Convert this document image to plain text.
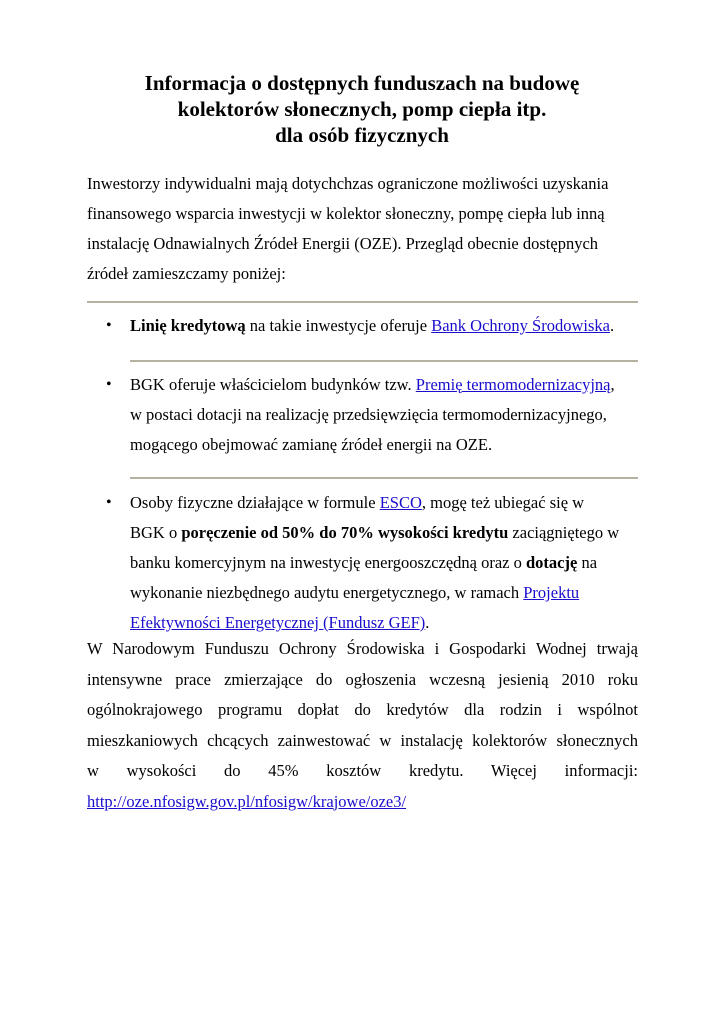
Informacja o dostępnych funduszach na budowę
kolektorów słonecznych, pomp ciepła itp.
dla osób fizycznych
Inwestorzy indywidualni mają dotychchzas ograniczone możliwości uzyskania
finansowego wsparcia inwestycji w kolektor słoneczny, pompę ciepła lub inną
instalację Odnawialnych Źródeł Energii (OZE). Przegląd obecnie dostępnych
źródeł zamieszczamy poniżej:
• Linię kredytową na takie inwestycje oferuje Bank Ochrony Środowiska.
• BGK oferuje właścicielom budynków tzw. Premię termomodernizacyjną,
w postaci dotacji na realizację przedsięwzięcia termomodernizacyjnego,
mogącego obejmować zamianę źródeł energii na OZE.
• Osoby fizyczne działające w formule ESCO, mogę też ubiegać się w
BGK o poręczenie od 50% do 70% wysokości kredytu zaciągniętego w
banku komercyjnym na inwestycję energooszczędną oraz o dotację na
wykonanie niezbędnego audytu energetycznego, w ramach Projektu
Efektywności Energetycznej (Fundusz GEF).
W Narodowym Funduszu Ochrony Środowiska i Gospodarki Wodnej trwają
intensywne prace zmierzające do ogłoszenia wczesną jesienią 2010 roku
ogólnokrajowego programu dopłat do kredytów dla rodzin i wspólnot
mieszkaniowych chcących zainwestować w instalację kolektorów słonecznych
w wysokości do 45% kosztów kredytu. Więcej informacji:
http://oze.nfosigw.gov.pl/nfosigw/krajowe/oze3/
